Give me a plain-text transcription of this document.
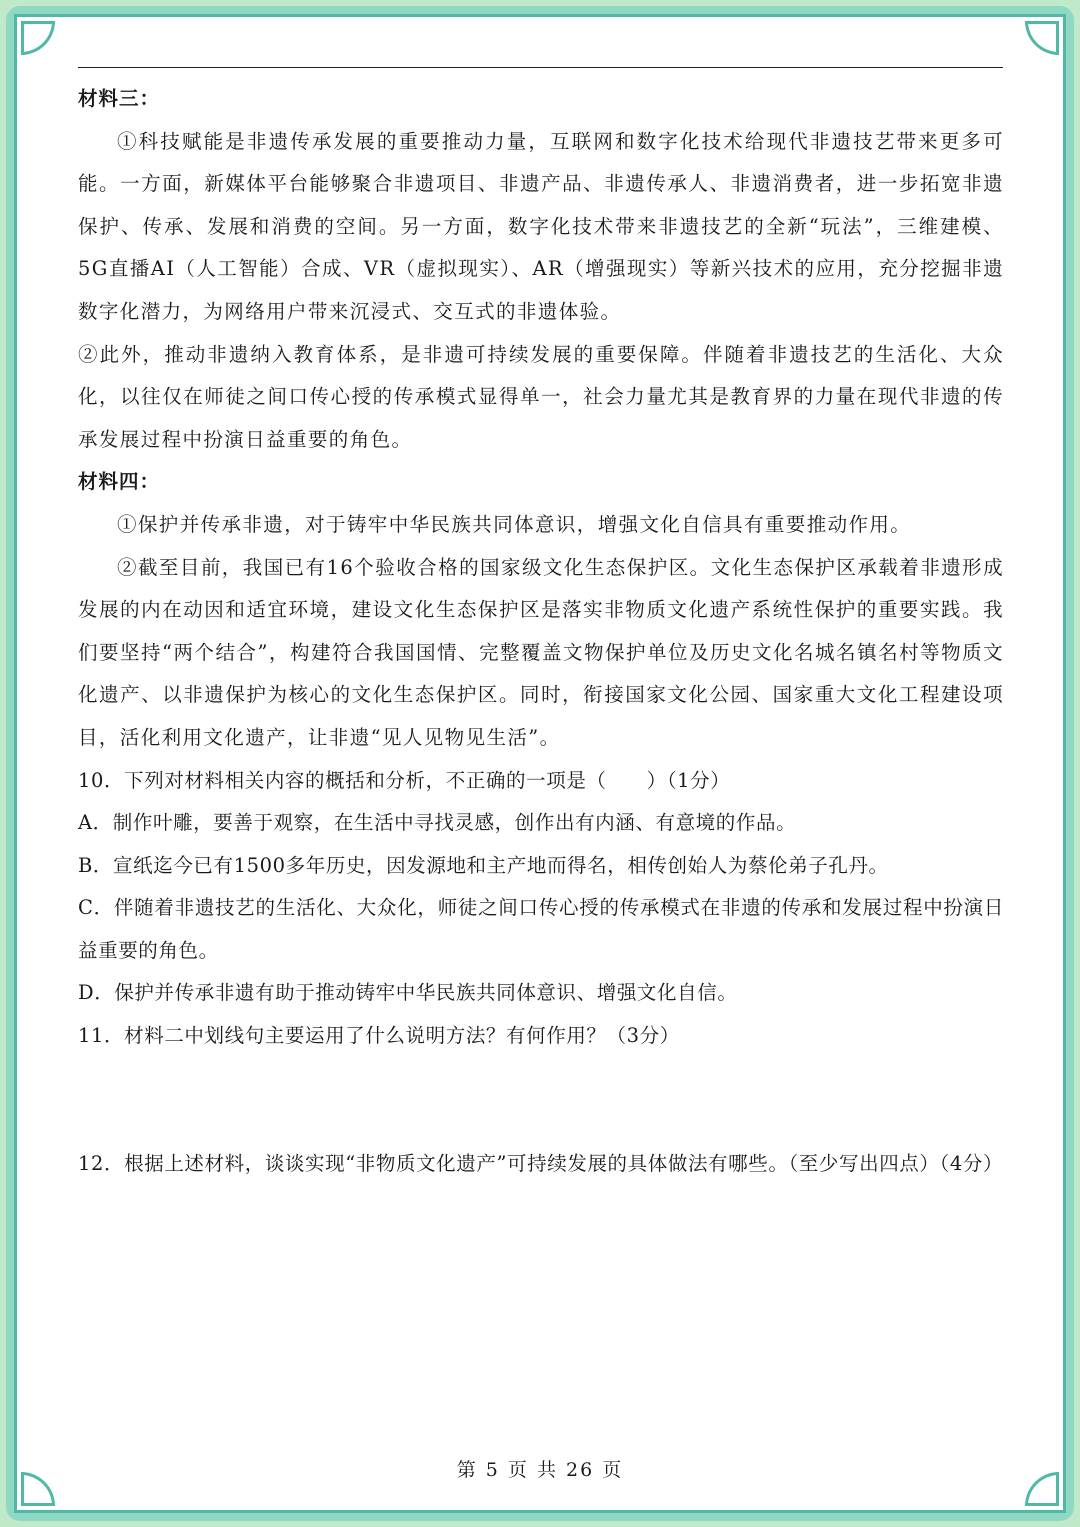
材料三：

①科技赋能是非遗传承发展的重要推动力量，互联网和数字化技术给现代非遗技艺带来更多可能。一方面，新媒体平台能够聚合非遗项目、非遗产品、非遗传承人、非遗消费者，进一步拓宽非遗保护、传承、发展和消费的空间。另一方面，数字化技术带来非遗技艺的全新“玩法”，三维建模、5G直播AI（人工智能）合成、VR（虚拟现实）、AR（增强现实）等新兴技术的应用，充分挖掘非遗数字化潜力，为网络用户带来沉浸式、交互式的非遗体验。

②此外，推动非遗纳入教育体系，是非遗可持续发展的重要保障。伴随着非遗技艺的生活化、大众化，以往仅在师徒之间口传心授的传承模式显得单一，社会力量尤其是教育界的力量在现代非遗的传承发展过程中扮演日益重要的角色。

材料四：

①保护并传承非遗，对于铸牢中华民族共同体意识，增强文化自信具有重要推动作用。

②截至目前，我国已有16个验收合格的国家级文化生态保护区。文化生态保护区承载着非遗形成发展的内在动因和适宜环境，建设文化生态保护区是落实非物质文化遗产系统性保护的重要实践。我们要坚持“两个结合”，构建符合我国国情、完整覆盖文物保护单位及历史文化名城名镇名村等物质文化遗产、以非遗保护为核心的文化生态保护区。同时，衔接国家文化公园、国家重大文化工程建设项目，活化利用文化遗产，让非遗“见人见物见生活”。

10．下列对材料相关内容的概括和分析，不正确的一项是（　　）（1分）

A．制作叶雕，要善于观察，在生活中寻找灵感，创作出有内涵、有意境的作品。

B．宣纸迄今已有1500多年历史，因发源地和主产地而得名，相传创始人为蔡伦弟子孔丹。

C．伴随着非遗技艺的生活化、大众化，师徒之间口传心授的传承模式在非遗的传承和发展过程中扮演日益重要的角色。

D．保护并传承非遗有助于推动铸牢中华民族共同体意识、增强文化自信。

11．材料二中划线句主要运用了什么说明方法？有何作用？（3分）

12．根据上述材料，谈谈实现“非物质文化遗产”可持续发展的具体做法有哪些。（至少写出四点）（4分）

第 5 页 共 26 页
